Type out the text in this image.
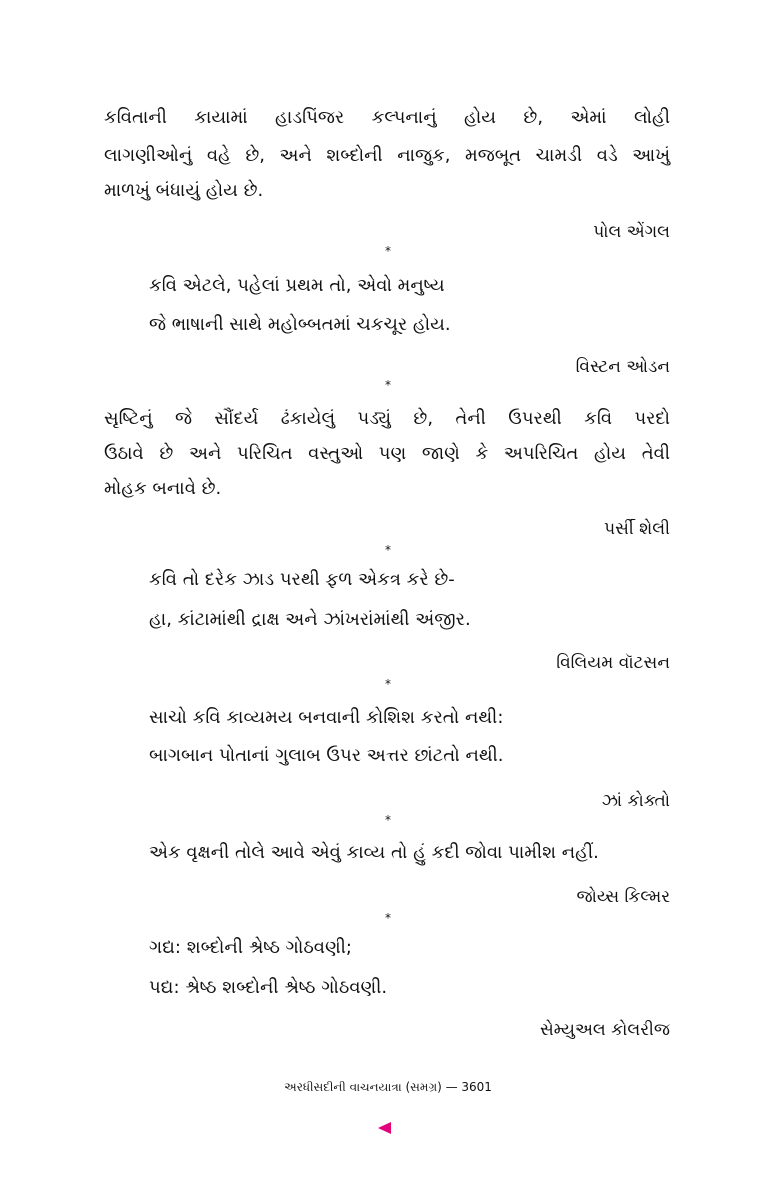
કવિતાની કાયામાં હાડપિંજર કલ્પનાનું હોય છે, એમાં લોહી
લાગણીઓનું વહે છે, અને શબ્દોની નાજુક, મજબૂત ચામડી વડે આખું
માળખું બંધાયું હોય છે.
પોલ એંગલ
*
કવિ એટલે, પહેલાં પ્રથમ તો, એવો મનુષ્ય
જે ભાષાની સાથે મહોબ્બતમાં ચકચૂર હોય.
વિસ્ટન ઓડન
*
સૃષ્ટિનું જે સૌંદર્ય ઢંકાયેલું પડ્યું છે, તેની ઉપરથી કવિ પરદો
ઉઠાવે છે અને પરિચિત વસ્તુઓ પણ જાણે કે અપરિચિત હોય તેવી
મોહક બનાવે છે.
પર્સી શેલી
*
કવિ તો દરેક ઝાડ પરથી ફળ એકત્ર કરે છે-
હા, કાંટામાંથી દ્રાક્ષ અને ઝાંખરાંમાંથી અંજીર.
વિલિયમ વૉટસન
*
સાચો કવિ કાવ્યમય બનવાની કોશિશ કરતો નથી:
બાગબાન પોતાનાં ગુલાબ ઉપર અત્તર છાંટતો નથી.
ઝાં કોક્તો
*
એક વૃક્ષની તોલે આવે એવું કાવ્ય તો હું કદી જોવા પામીશ નહીં.
જોય્સ કિલ્મર
*
ગદ્ય: શબ્દોની શ્રેષ્ઠ ગોઠવણી;
પદ્ય: શ્રેષ્ઠ શબ્દોની શ્રેષ્ઠ ગોઠવણી.
સેમ્યુઅલ કોલરીજ
અરધીસદીની વાચનયાત્રા (સમગ્ર) — 3601
